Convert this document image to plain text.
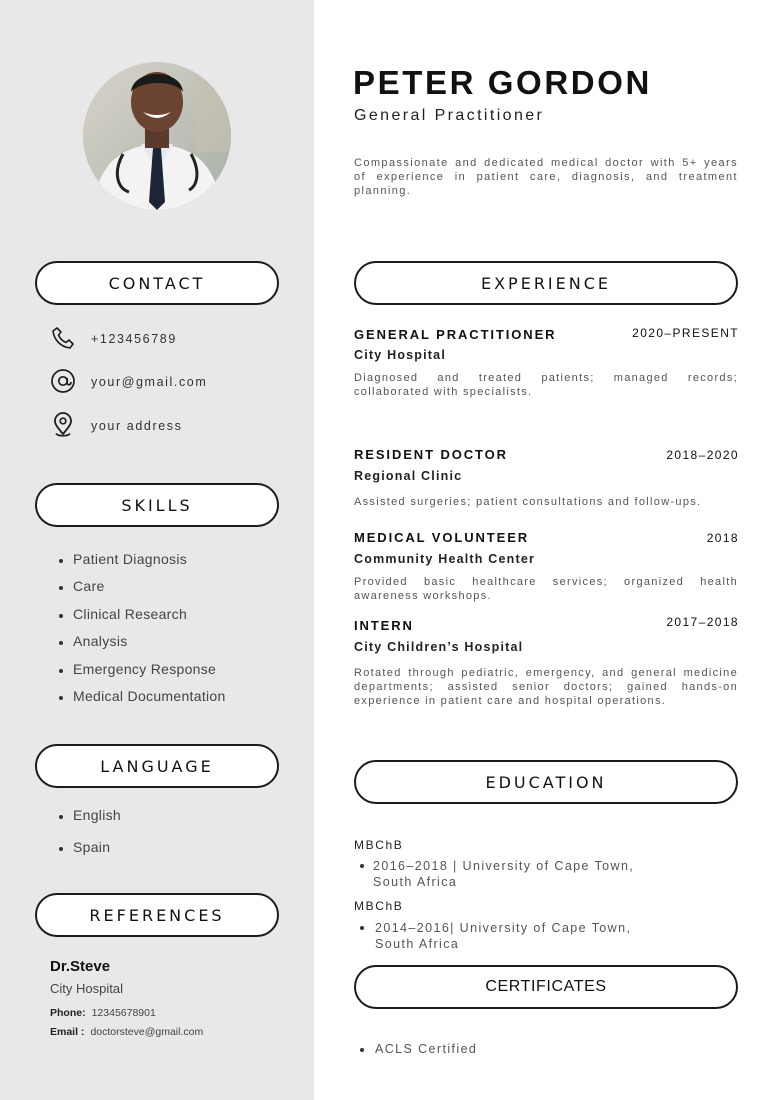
PETER GORDON
General Practitioner
Compassionate and dedicated medical doctor with 5+ years of experience in patient care, diagnosis, and treatment planning.
CONTACT
+123456789
your@gmail.com
your address
SKILLS
Patient Diagnosis
Care
Clinical Research
Analysis
Emergency Response
Medical Documentation
LANGUAGE
English
Spain
REFERENCES
Dr.Steve
City Hospital
Phone: 12345678901
Email : doctorsteve@gmail.com
EXPERIENCE
GENERAL PRACTITIONER	2020–PRESENT
City Hospital
Diagnosed and treated patients; managed records; collaborated with specialists.
RESIDENT DOCTOR	2018–2020
Regional Clinic
Assisted surgeries; patient consultations and follow-ups.
MEDICAL VOLUNTEER	2018
Community Health Center
Provided basic healthcare services; organized health awareness workshops.
INTERN	2017–2018
City Children’s Hospital
Rotated through pediatric, emergency, and general medicine departments; assisted senior doctors; gained hands-on experience in patient care and hospital operations.
EDUCATION
MBChB
2016–2018 | University of Cape Town,
South Africa
MBChB
2014–2016| University of Cape Town,
South Africa
CERTIFICATES
ACLS Certified
